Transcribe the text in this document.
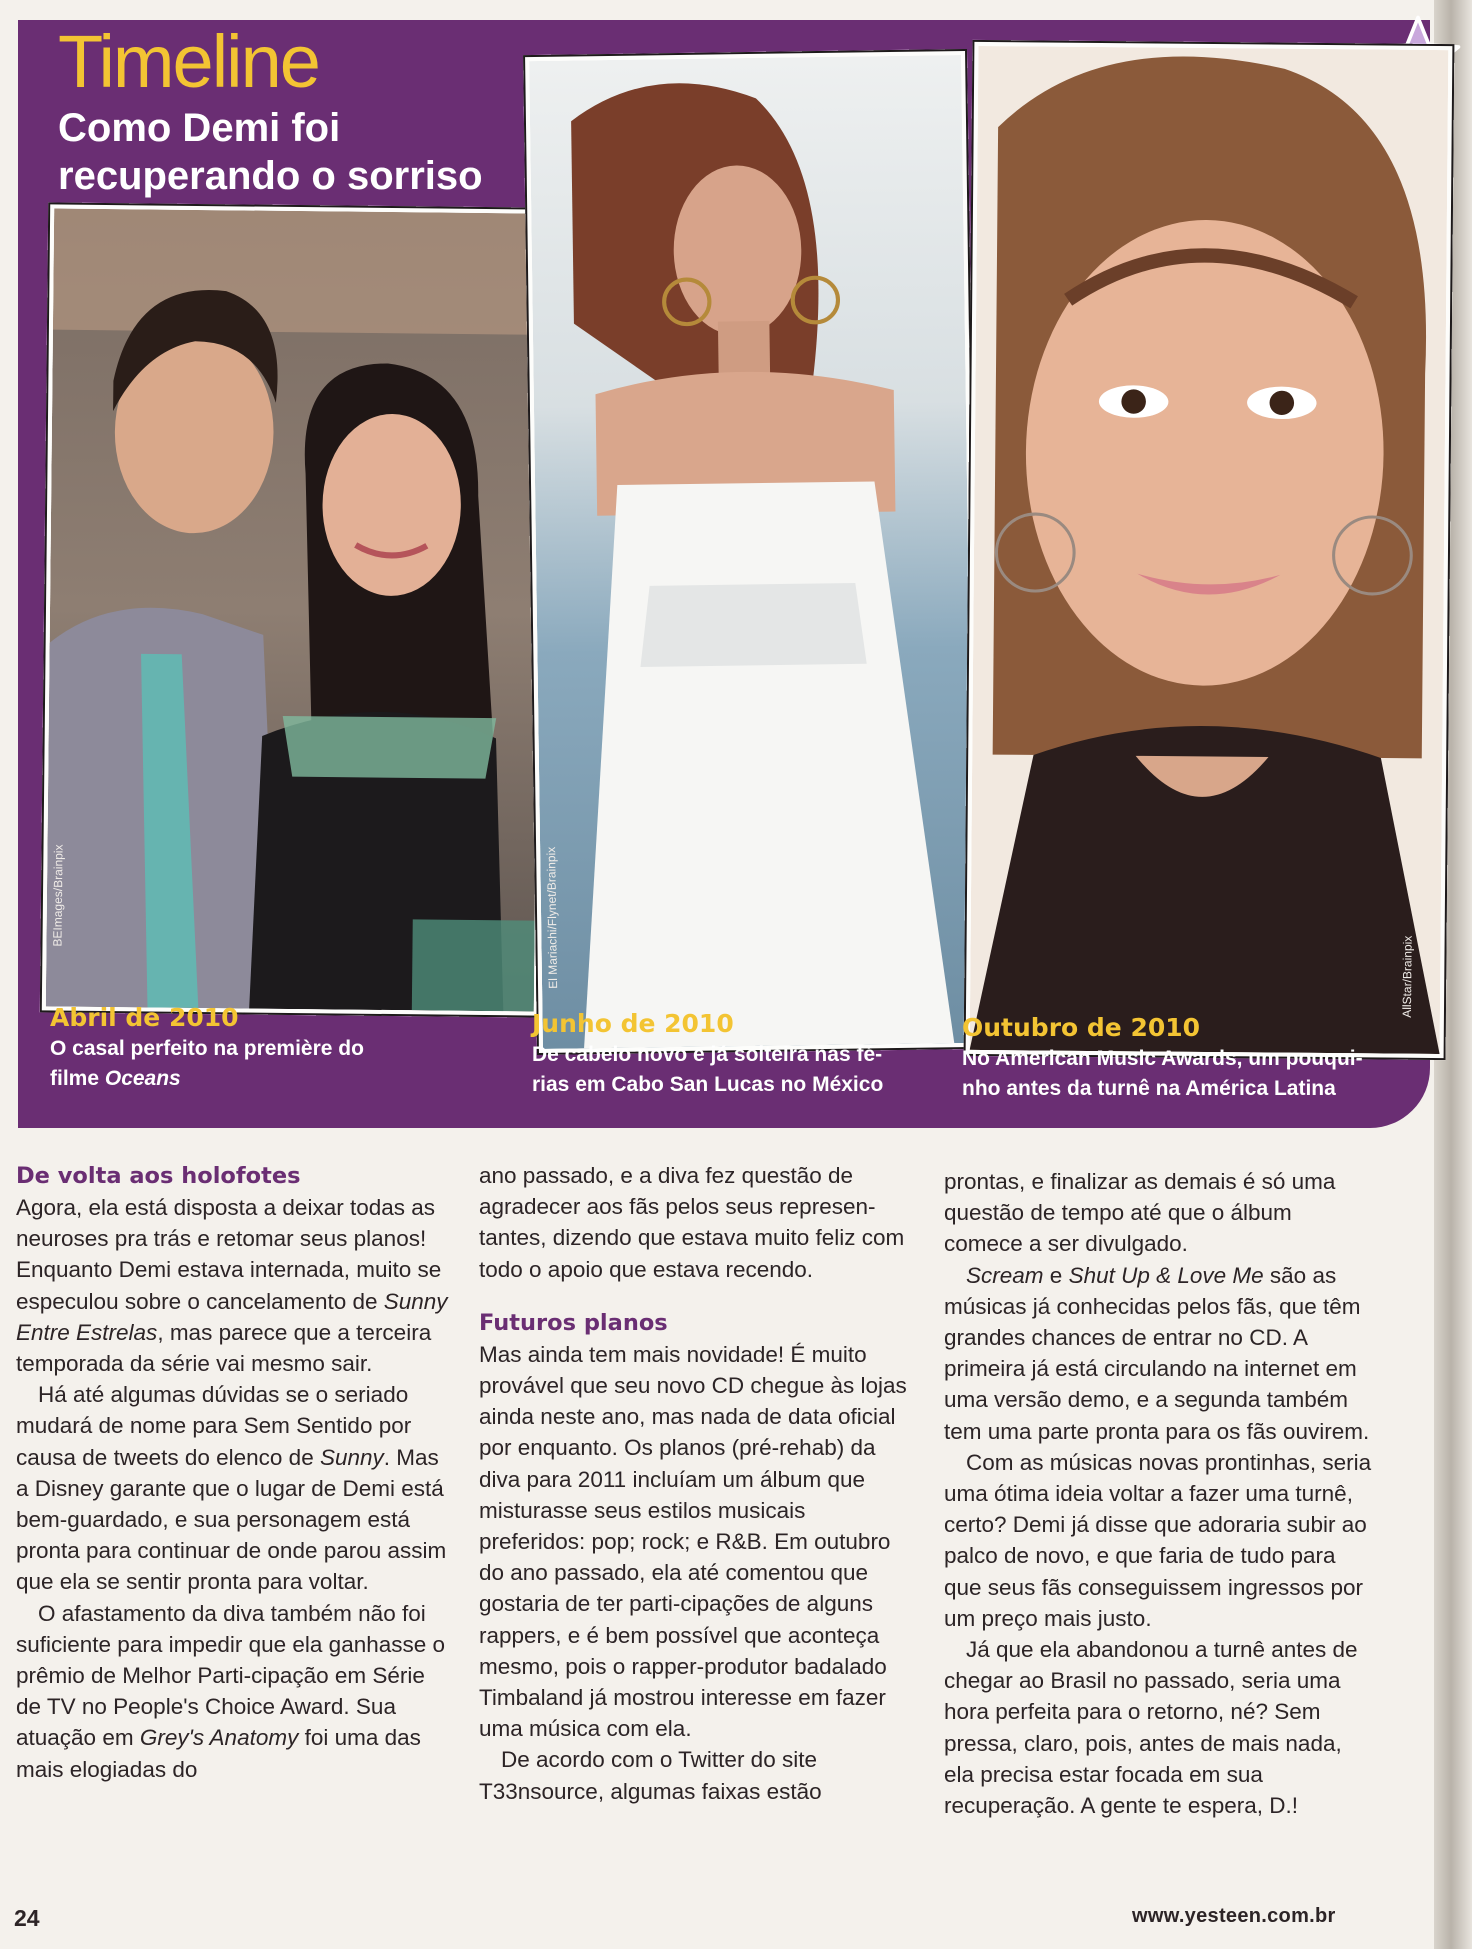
Timeline
Como Demi foi
recuperando o sorriso
BEImages/Brainpix	El Mariachi/Flynet/Brainpix	AllStar/Brainpix
Abril de 2010
O casal perfeito na première do
filme Oceans
Junho de 2010
De cabelo novo e já solteira nas fé-
rias em Cabo San Lucas no México
Outubro de 2010
No American Music Awards, um pouqui-
nho antes da turnê na América Latina

De volta aos holofotes

Agora, ela está disposta a deixar todas as neuroses pra trás e retomar seus planos! Enquanto Demi estava internada, muito se especulou sobre o cancelamento de Sunny Entre Estrelas, mas parece que a terceira temporada da série vai mesmo sair.

Há até algumas dúvidas se o seriado mudará de nome para Sem Sentido por causa de tweets do elenco de Sunny. Mas a Disney garante que o lugar de Demi está bem-guardado, e sua personagem está pronta para continuar de onde parou assim que ela se sentir pronta para voltar.

O afastamento da diva também não foi suficiente para impedir que ela ganhasse o prêmio de Melhor Parti-cipação em Série de TV no People's Choice Award. Sua atuação em Grey's Anatomy foi uma das mais elogiadas do

ano passado, e a diva fez questão de agradecer aos fãs pelos seus represen-tantes, dizendo que estava muito feliz com todo o apoio que estava recendo.

Futuros planos

Mas ainda tem mais novidade! É muito provável que seu novo CD chegue às lojas ainda neste ano, mas nada de data oficial por enquanto. Os planos (pré-rehab) da diva para 2011 incluíam um álbum que misturasse seus estilos musicais preferidos: pop; rock; e R&B. Em outubro do ano passado, ela até comentou que gostaria de ter parti-cipações de alguns rappers, e é bem possível que aconteça mesmo, pois o rapper-produtor badalado Timbaland já mostrou interesse em fazer uma música com ela.

De acordo com o Twitter do site T33nsource, algumas faixas estão

prontas, e finalizar as demais é só uma questão de tempo até que o álbum comece a ser divulgado.

Scream e Shut Up & Love Me são as músicas já conhecidas pelos fãs, que têm grandes chances de entrar no CD. A primeira já está circulando na internet em uma versão demo, e a segunda também tem uma parte pronta para os fãs ouvirem.

Com as músicas novas prontinhas, seria uma ótima ideia voltar a fazer uma turnê, certo? Demi já disse que adoraria subir ao palco de novo, e que faria de tudo para que seus fãs conseguissem ingressos por um preço mais justo.

Já que ela abandonou a turnê antes de chegar ao Brasil no passado, seria uma hora perfeita para o retorno, né? Sem pressa, claro, pois, antes de mais nada, ela precisa estar focada em sua recuperação. A gente te espera, D.!

24	www.yesteen.com.br
